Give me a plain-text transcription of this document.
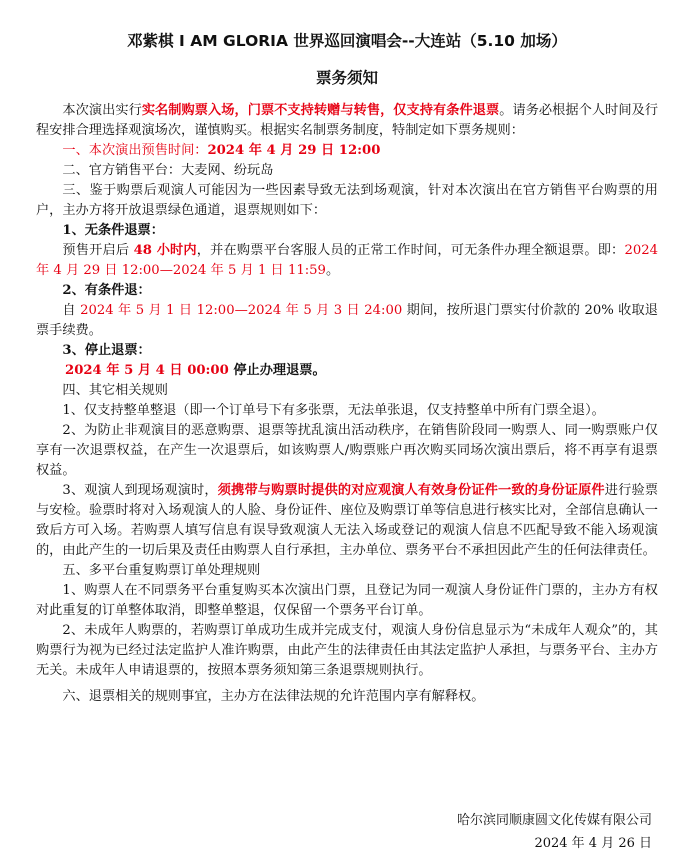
邓紫棋 I AM GLORIA 世界巡回演唱会--大连站（5.10 加场）
票务须知

本次演出实行实名制购票入场，门票不支持转赠与转售，仅支持有条件退票。请务必根据个人时间及行程安排合理选择观演场次，谨慎购买。根据实名制票务制度，特制定如下票务规则：

一、本次演出预售时间：2024 年 4 月 29 日 12:00

二、官方销售平台：大麦网、纷玩岛

三、鉴于购票后观演人可能因为一些因素导致无法到场观演，针对本次演出在官方销售平台购票的用户，主办方将开放退票绿色通道，退票规则如下：

1、无条件退票：

预售开启后 48 小时内，并在购票平台客服人员的正常工作时间，可无条件办理全额退票。即：2024 年 4 月 29 日 12:00—2024 年 5 月 1 日 11:59。

2、有条件退：

自 2024 年 5 月 1 日 12:00—2024 年 5 月 3 日 24:00 期间，按所退门票实付价款的 20% 收取退票手续费。

3、停止退票：

2024 年 5 月 4 日 00:00 停止办理退票。

四、其它相关规则

1、仅支持整单整退（即一个订单号下有多张票，无法单张退，仅支持整单中所有门票全退）。

2、为防止非观演目的恶意购票、退票等扰乱演出活动秩序，在销售阶段同一购票人、同一购票账户仅享有一次退票权益，在产生一次退票后，如该购票人/购票账户再次购买同场次演出票后，将不再享有退票权益。

3、观演人到现场观演时，须携带与购票时提供的对应观演人有效身份证件一致的身份证原件进行验票与安检。验票时将对入场观演人的人脸、身份证件、座位及购票订单等信息进行核实比对，全部信息确认一致后方可入场。若购票人填写信息有误导致观演人无法入场或登记的观演人信息不匹配导致不能入场观演的，由此产生的一切后果及责任由购票人自行承担，主办单位、票务平台不承担因此产生的任何法律责任。

五、多平台重复购票订单处理规则

1、购票人在不同票务平台重复购买本次演出门票，且登记为同一观演人身份证件门票的，主办方有权对此重复的订单整体取消，即整单整退，仅保留一个票务平台订单。

2、未成年人购票的，若购票订单成功生成并完成支付，观演人身份信息显示为“未成年人观众”的，其购票行为视为已经过法定监护人准许购票，由此产生的法律责任由其法定监护人承担，与票务平台、主办方无关。未成年人申请退票的，按照本票务须知第三条退票规则执行。

六、退票相关的规则事宜，主办方在法律法规的允许范围内享有解释权。

哈尔滨同顺康圆文化传媒有限公司
2024 年 4 月 26 日
